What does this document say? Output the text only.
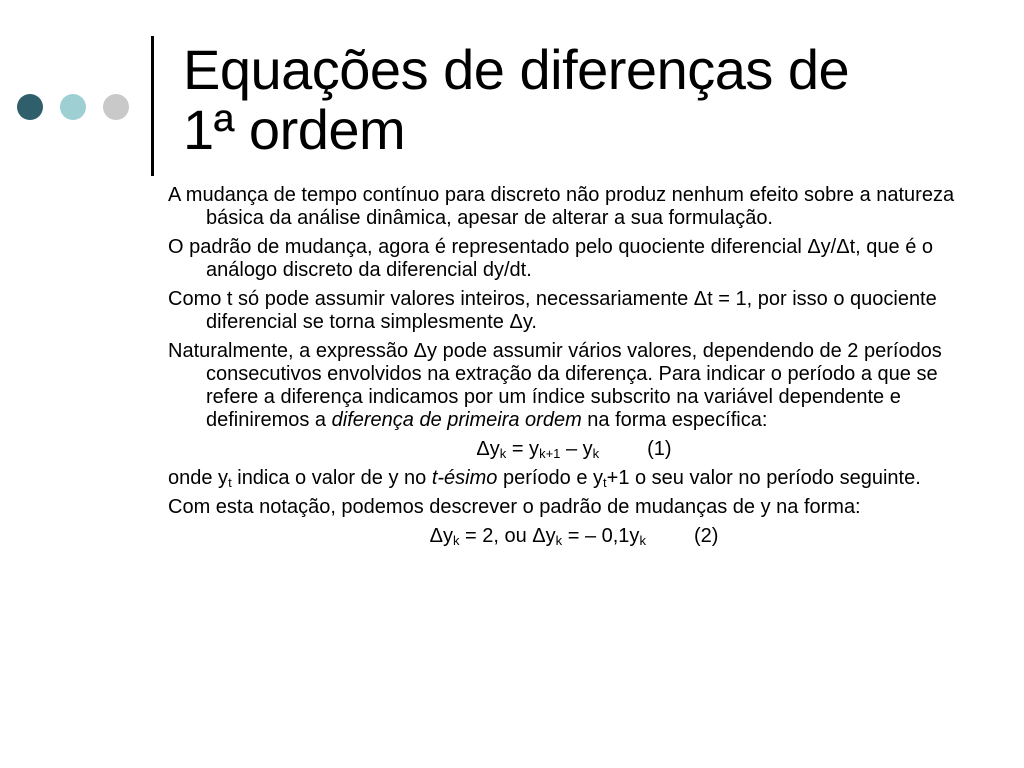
Equações de diferenças de
1ª ordem

A mudança de tempo contínuo para discreto não produz nenhum efeito sobre a natureza básica da análise dinâmica, apesar de alterar a sua formulação.

O padrão de mudança, agora é representado pelo quociente diferencial Δy/Δt, que é o análogo discreto da diferencial dy/dt.

Como t só pode assumir valores inteiros, necessariamente Δt = 1, por isso o quociente diferencial se torna simplesmente Δy.

Naturalmente, a expressão Δy pode assumir vários valores, dependendo de 2 períodos consecutivos envolvidos na extração da diferença. Para indicar o período a que se refere a diferença indicamos por um índice subscrito na variável dependente e definiremos a diferença de primeira ordem na forma específica:

$\Delta y_k = y_{k+1} - y_k$ (1)

onde $y_t$ indica o valor de y no t-ésimo período e $y_t+1$ o seu valor no período seguinte.

Com esta notação, podemos descrever o padrão de mudanças de y na forma:

$\Delta y_k = 2$, ou $\Delta y_k$ = – $0,1y_k$ (2)
